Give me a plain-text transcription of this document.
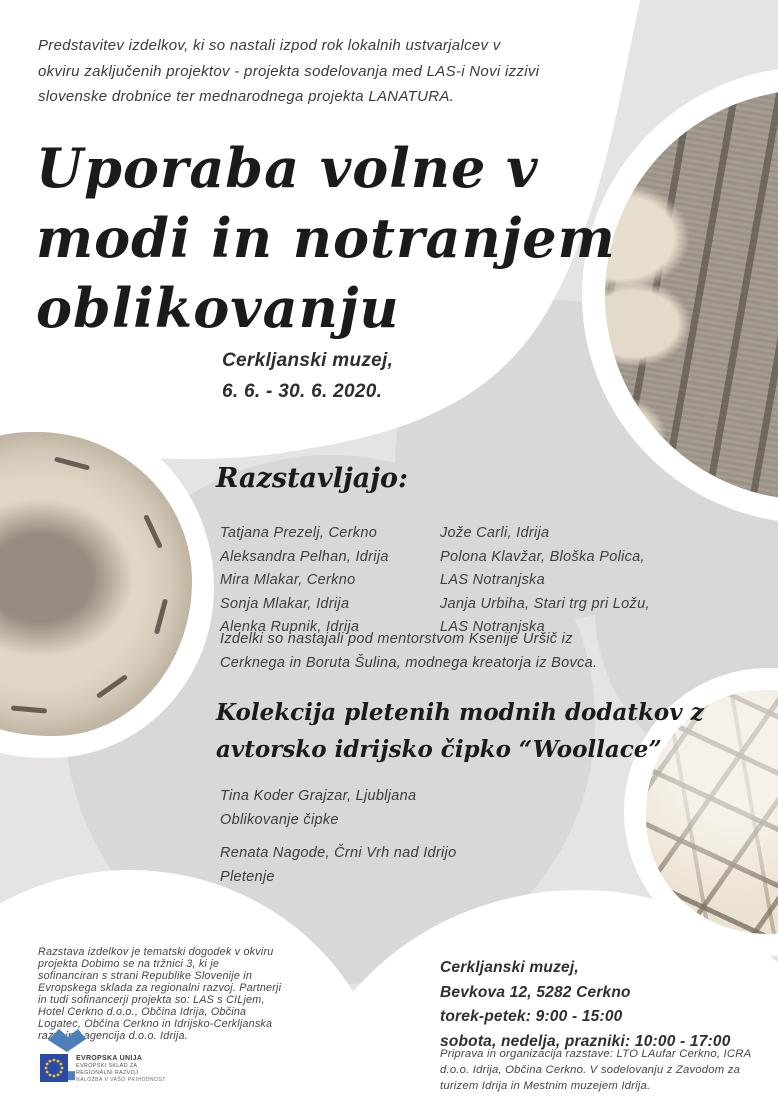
Predstavitev izdelkov, ki so nastali izpod rok lokalnih ustvarjalcev v
okviru zaključenih projektov - projekta sodelovanja med LAS-i Novi izzivi
slovenske drobnice ter mednarodnega projekta LANATURA.
Uporaba volne v
modi in notranjem
oblikovanju
Cerkljanski muzej,
6. 6. - 30. 6. 2020.
Razstavljajo:
Tatjana Prezelj, Cerkno
Aleksandra Pelhan, Idrija
Mira Mlakar, Cerkno
Sonja Mlakar, Idrija
Alenka Rupnik, Idrija
Jože Carli, Idrija
Polona Klavžar, Bloška Polica,
LAS Notranjska
Janja Urbiha, Stari trg pri Ložu,
LAS Notranjska
Izdelki so nastajali pod mentorstvom Ksenije Uršič iz
Cerknega in Boruta Šulina, modnega kreatorja iz Bovca.
Kolekcija pletenih modnih dodatkov z
avtorsko idrijsko čipko “Woollace”
Tina Koder Grajzar, Ljubljana
Oblikovanje čipke
Renata Nagode, Črni Vrh nad Idrijo
Pletenje
Razstava izdelkov je tematski dogodek v okviru
projekta Dobimo se na tržnici 3, ki je
sofinanciran s strani Republike Slovenije in
Evropskega sklada za regionalni razvoj. Partnerji
in tudi sofinancerji projekta so: LAS s CILjem,
Hotel Cerkno d.o.o., Občina Idrija, Občina
Logatec, Občina Cerkno in Idrijsko-Cerkljanska
razvojna agencija d.o.o. Idrija.
EVROPSKA UNIJA
EVROPSKI SKLAD ZA
REGIONALNI RAZVOJ
NALOŽBA V VAŠO PRIHODNOST
Cerkljanski muzej,
Bevkova 12, 5282 Cerkno
torek-petek: 9:00 - 15:00
sobota, nedelja, prazniki: 10:00 - 17:00
Priprava in organizacija razstave: LTO LAufar Cerkno, ICRA
d.o.o. Idrija, Občina Cerkno. V sodelovanju z Zavodom za
turizem Idrija in Mestnim muzejem Idrija.
